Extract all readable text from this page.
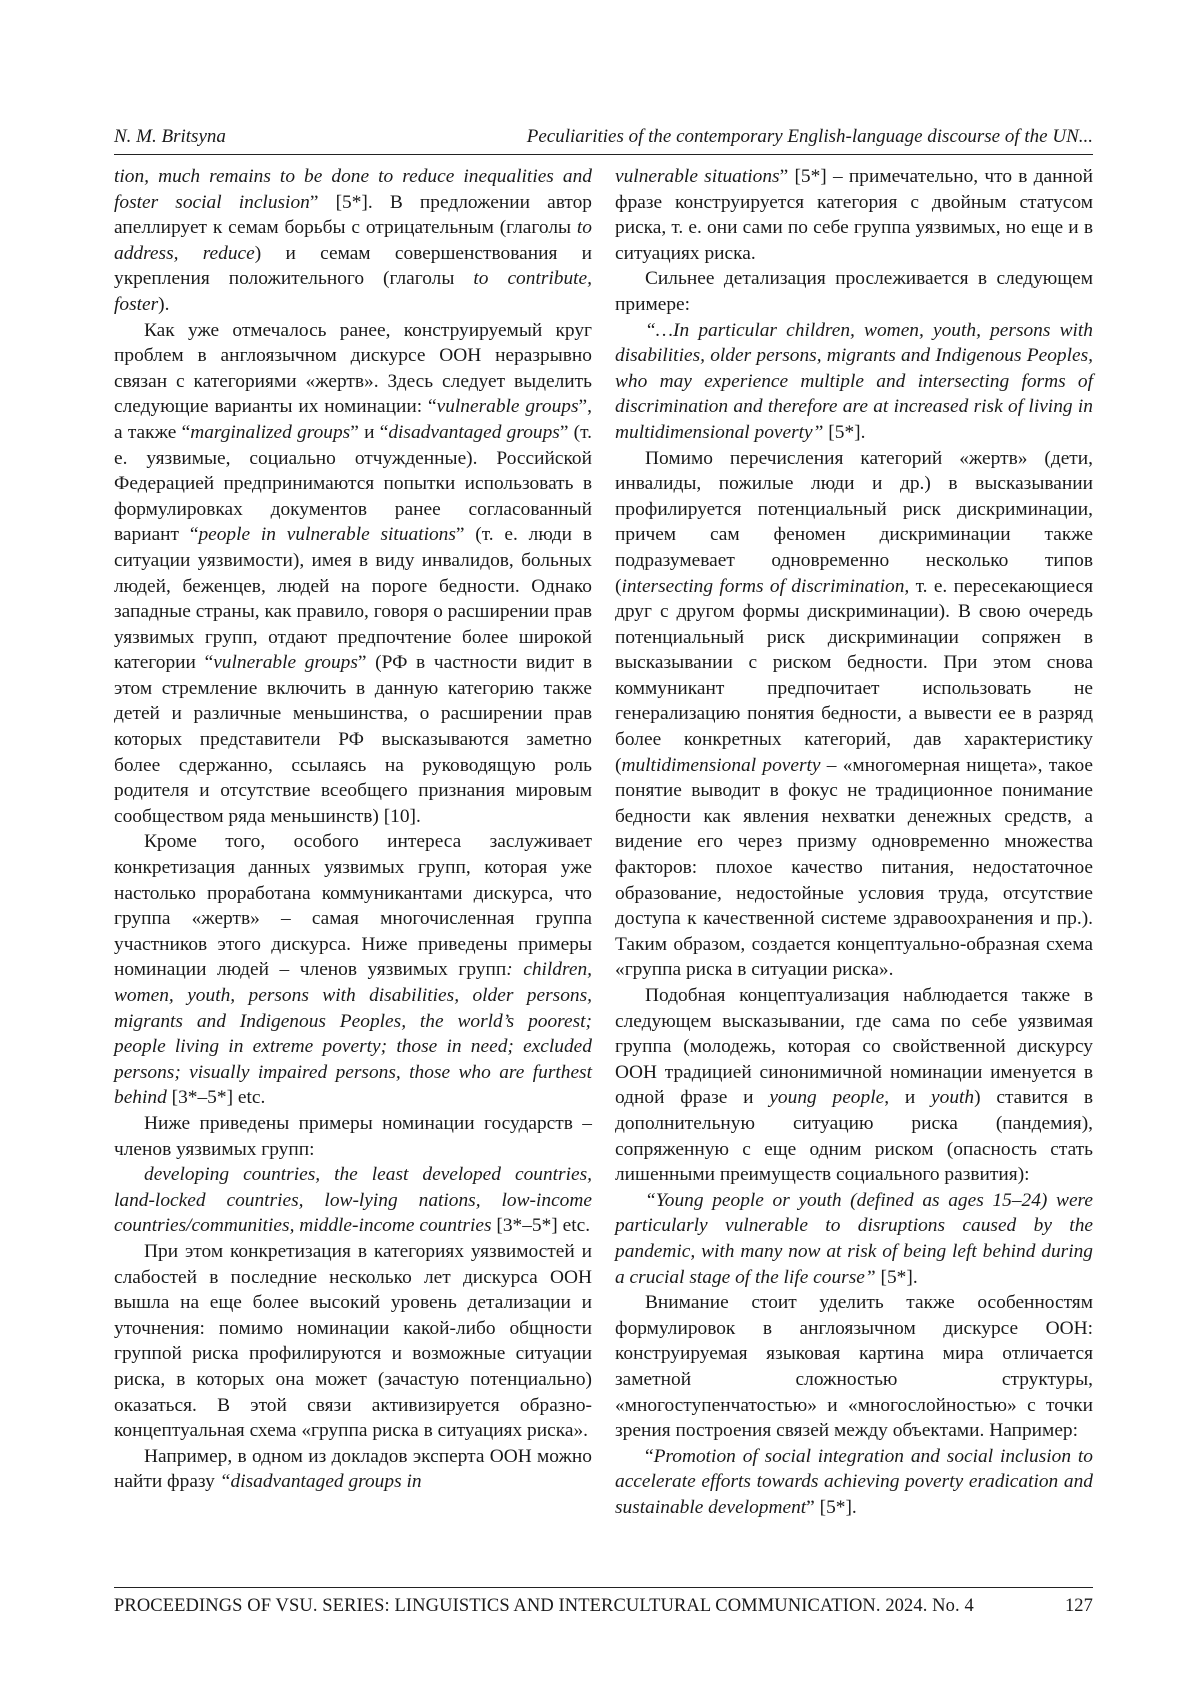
N. M. Britsyna	Peculiarities of the contemporary English-language discourse of the UN...

tion, much remains to be done to reduce inequalities and foster social inclusion” [5*]. В предложении автор апеллирует к семам борьбы с отрицательным (глаголы to address, reduce) и семам совершенствования и укрепления положительного (глаголы to contribute, foster).

Как уже отмечалось ранее, конструируемый круг проблем в англоязычном дискурсе ООН неразрывно связан с категориями «жертв». Здесь следует выделить следующие варианты их номинации: “vulnerable groups”, а также “marginalized groups” и “disadvantaged groups” (т. е. уязвимые, социально отчужденные). Российской Федерацией предпринимаются попытки использовать в формулировках документов ранее согласованный вариант “people in vulnerable situations” (т. е. люди в ситуации уязвимости), имея в виду инвалидов, больных людей, беженцев, людей на пороге бедности. Однако западные страны, как правило, говоря о расширении прав уязвимых групп, отдают предпочтение более широкой категории “vulnerable groups” (РФ в частности видит в этом стремление включить в данную категорию также детей и различные меньшинства, о расширении прав которых представители РФ высказываются заметно более сдержанно, ссылаясь на руководящую роль родителя и отсутствие всеобщего признания мировым сообществом ряда меньшинств) [10].

Кроме того, особого интереса заслуживает конкретизация данных уязвимых групп, которая уже настолько проработана коммуникантами дискурса, что группа «жертв» – самая многочисленная группа участников этого дискурса. Ниже приведены примеры номинации людей – членов уязвимых групп: children, women, youth, persons with disabilities, older persons, migrants and Indigenous Peoples, the world’s poorest; people living in extreme poverty; those in need; excluded persons; visually impaired persons, those who are furthest behind [3*–5*] etc.

Ниже приведены примеры номинации государств – членов уязвимых групп:

developing countries, the least developed countries, land-locked countries, low-lying nations, low-income countries/communities, middle-income countries [3*–5*] etc.

При этом конкретизация в категориях уязвимостей и слабостей в последние несколько лет дискурса ООН вышла на еще более высокий уровень детализации и уточнения: помимо номинации какой-либо общности группой риска профилируются и возможные ситуации риска, в которых она может (зачастую потенциально) оказаться. В этой связи активизируется образно-концептуальная схема «группа риска в ситуациях риска».

Например, в одном из докладов эксперта ООН можно найти фразу “disadvantaged groups in

vulnerable situations” [5*] – примечательно, что в данной фразе конструируется категория с двойным статусом риска, т. е. они сами по себе группа уязвимых, но еще и в ситуациях риска.

Сильнее детализация прослеживается в следующем примере:

“…In particular children, women, youth, persons with disabilities, older persons, migrants and Indigenous Peoples, who may experience multiple and intersecting forms of discrimination and therefore are at increased risk of living in multidimensional poverty” [5*].

Помимо перечисления категорий «жертв» (дети, инвалиды, пожилые люди и др.) в высказывании профилируется потенциальный риск дискриминации, причем сам феномен дискриминации также подразумевает одновременно несколько типов (intersecting forms of discrimination, т. е. пересекающиеся друг с другом формы дискриминации). В свою очередь потенциальный риск дискриминации сопряжен в высказывании с риском бедности. При этом снова коммуникант предпочитает использовать не генерализацию понятия бедности, а вывести ее в разряд более конкретных категорий, дав характеристику (multidimensional poverty – «многомерная нищета», такое понятие выводит в фокус не традиционное понимание бедности как явления нехватки денежных средств, а видение его через призму одновременно множества факторов: плохое качество питания, недостаточное образование, недостойные условия труда, отсутствие доступа к качественной системе здравоохранения и пр.). Таким образом, создается концептуально-образная схема «группа риска в ситуации риска».

Подобная концептуализация наблюдается также в следующем высказывании, где сама по себе уязвимая группа (молодежь, которая со свойственной дискурсу ООН традицией синонимичной номинации именуется в одной фразе и young people, и youth) ставится в дополнительную ситуацию риска (пандемия), сопряженную с еще одним риском (опасность стать лишенными преимуществ социального развития):

“Young people or youth (defined as ages 15–24) were particularly vulnerable to disruptions caused by the pandemic, with many now at risk of being left behind during a crucial stage of the life course” [5*].

Внимание стоит уделить также особенностям формулировок в англоязычном дискурсе ООН: конструируемая языковая картина мира отличается заметной сложностью структуры, «многоступенчатостью» и «многослойностью» с точки зрения построения связей между объектами. Например:

“Promotion of social integration and social inclusion to accelerate efforts towards achieving poverty eradication and sustainable development” [5*].

PROCEEDINGS OF VSU. SERIES: LINGUISTICS AND INTERCULTURAL COMMUNICATION. 2024. No. 4	127
